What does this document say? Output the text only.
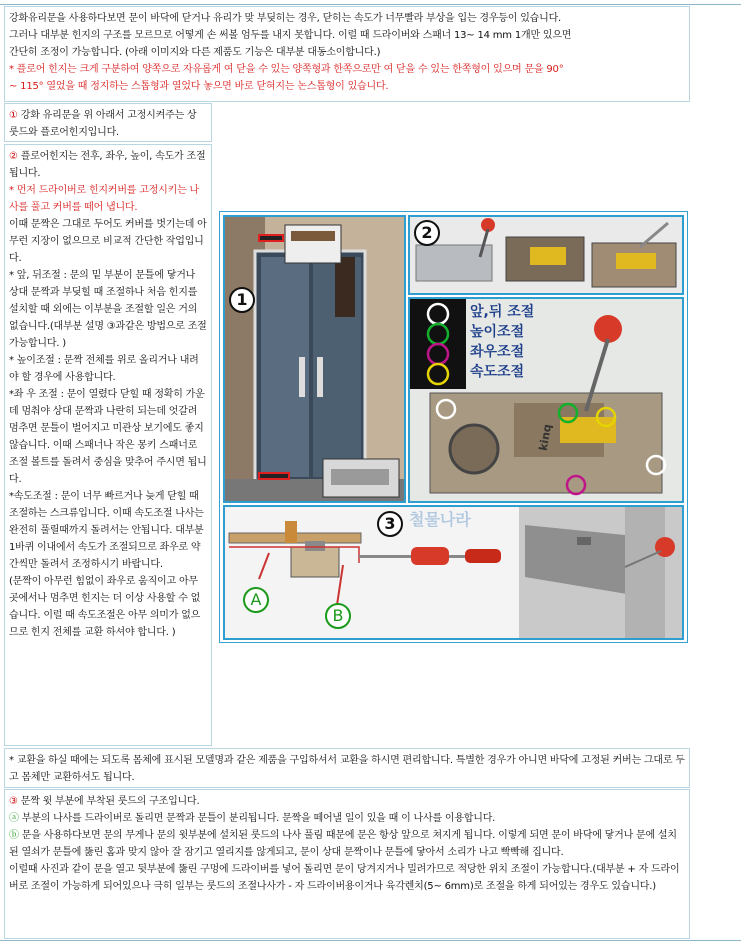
강화유리문을 사용하다보면 문이 바닥에 닫거나 유리가 맞 부딪히는 경우, 닫히는 속도가 너무빨라 부상을 입는 경우등이 있습니다.

그러나 대부분 힌지의 구조를 모르므로 어떻게 손 써볼 엄두를 내지 못합니다. 이럴 때 드라이버와 스패너 13~ 14 mm 1개만 있으면

간단히 조정이 가능합니다. (아래 이미지와 다른 제품도 기능은 대부분 대동소이합니다.)

* 플로어 힌지는 크게 구분하여 양쪽으로 자유롭게 여 닫을 수 있는 양쪽형과 한쪽으로만 여 닫을 수 있는 한쪽형이 있으며 문을 90°

~ 115° 열었을 때 정지하는 스톱형과 열었다 놓으면 바로 닫혀지는 논스톱형이 있습니다.

① 강화 유리문을 위 아래서 고정시켜주는 상 룻드와 플로어힌지입니다.

② 플로어힌지는 전후, 좌우, 높이, 속도가 조절됩니다.

* 먼저 드라이버로 힌지커버를 고정시키는 나사를 풀고 커버를 떼어 냅니다.

이때 문짝은 그대로 두어도 커버를 벗기는데 아무런 지장이 없으므로 비교적 간단한 작업입니다.

* 앞, 뒤조절 : 문의 밑 부분이 문틀에 닿거나 상대 문짝과 부딪힐 때 조절하나 처음 힌지를 설치할 때 외에는 이부분을 조절할 일은 거의 없습니다.(대부분 설명 ③과같은 방법으로 조절 가능합니다. )

* 높이조절 : 문짝 전체를 위로 올리거나 내려야 할 경우에 사용합니다.

*좌 우 조절 : 문이 열렸다 닫힐 때 정확히 가운데 멈춰야 상대 문짝과 나란히 되는데 엇갈려 멈추면 문틀이 벌어지고 미관상 보기에도 좋지 않습니다. 이때 스패너나 작은 몽키 스패너로 조절 볼트를 돌려서 중심을 맞추어 주시면 됩니다.

*속도조절 : 문이 너무 빠르거나 늦게 닫힐 때 조절하는 스크류입니다. 이때 속도조절 나사는 완전히 풀릴때까지 돌려서는 안됩니다. 대부분 1바퀴 이내에서 속도가 조절되므로 좌우로 약간씩만 돌려서 조정하시기 바랍니다.

(문짝이 아무런 힘없이 좌우로 움직이고 아무곳에서나 멈추면 힌지는 더 이상 사용할 수 없습니다. 이럴 때 속도조절은 아무 의미가 없으므로 힌지 전체를 교환 하셔야 합니다. )

1
2
앞,뒤 조절
높이조절
좌우조절
속도조절
kinq
3
A
B
철물나라

* 교환을 하실 때에는 되도록 몸체에 표시된 모델명과 같은 제품을 구입하셔서 교환을 하시면 편리합니다. 특별한 경우가 아니면 바닥에 고정된 커버는 그대로 두고 몸체만 교환하셔도 됩니다.

③ 문짝 윗 부분에 부착된 룻드의 구조입니다.

ⓐ 부분의 나사를 드라이버로 돌리면 문짝과 문틀이 분리됩니다. 문짝을 떼어낼 일이 있을 때 이 나사를 이용합니다.

ⓑ 문을 사용하다보면 문의 무게나 문의 윗부분에 설치된 룻드의 나사 풀림 때문에 문은 항상 앞으로 쳐지게 됩니다. 이렇게 되면 문이 바닥에 닿거나 문에 설치된 열쇠가 문틀에 뚫린 홈과 맞지 않아 잘 잠기고 열리지를 않게되고, 문이 상대 문짝이나 문틀에 닿아서 소리가 나고 빡빡해 집니다.

이럴때 사진과 같이 문을 열고 뒷부분에 뚫린 구멍에 드라이버를 넣어 돌리면 문이 당겨지거나 밀려가므로 적당한 위치 조절이 가능합니다.(대부분 + 자 드라이버로 조절이 가능하게 되어있으나 극히 일부는 룻드의 조절나사가 - 자 드라이버용이거나 육각렌치(5~ 6mm)로 조절을 하게 되어있는 경우도 있습니다.)
